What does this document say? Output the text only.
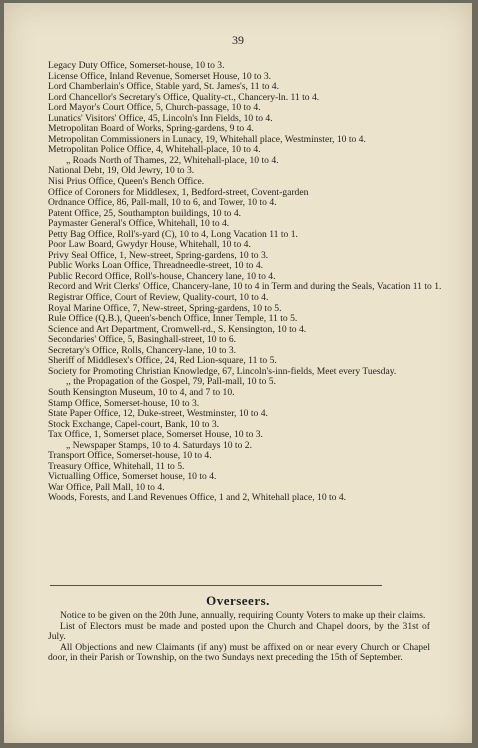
39
Legacy Duty Office, Somerset-house, 10 to 3.
License Office, Inland Revenue, Somerset House, 10 to 3.
Lord Chamberlain's Office, Stable yard, St. James's, 11 to 4.
Lord Chancellor's Secretary's Office, Quality-ct., Chancery-ln. 11 to 4.
Lord Mayor's Court Office, 5, Church-passage, 10 to 4.
Lunatics' Visitors' Office, 45, Lincoln's Inn Fields, 10 to 4.
Metropolitan Board of Works, Spring-gardens, 9 to 4.
Metropolitan Commissioners in Lunacy, 19, Whitehall place, Westminster, 10 to 4.
Metropolitan Police Office, 4, Whitehall-place, 10 to 4.
„ Roads North of Thames, 22, Whitehall-place, 10 to 4.
National Debt, 19, Old Jewry, 10 to 3.
Nisi Prius Office, Queen's Bench Office.
Office of Coroners for Middlesex, 1, Bedford-street, Covent-garden
Ordnance Office, 86, Pall-mall, 10 to 6, and Tower, 10 to 4.
Patent Office, 25, Southampton buildings, 10 to 4.
Paymaster General's Office, Whitehall, 10 to 4.
Petty Bag Office, Roll's-yard (C), 10 to 4, Long Vacation 11 to 1.
Poor Law Board, Gwydyr House, Whitehall, 10 to 4.
Privy Seal Office, 1, New-street, Spring-gardens, 10 to 3.
Public Works Loan Office, Threadneedle-street, 10 to 4.
Public Record Office, Roll's-house, Chancery lane, 10 to 4.
Record and Writ Clerks' Office, Chancery-lane, 10 to 4 in Term and during the Seals, Vacation 11 to 1.
Registrar Office, Court of Review, Quality-court, 10 to 4.
Royal Marine Office, 7, New-street, Spring-gardens, 10 to 5.
Rule Office (Q.B.), Queen's-bench Office, Inner Temple, 11 to 5.
Science and Art Department, Cromwell-rd., S. Kensington, 10 to 4.
Secondaries' Office, 5, Basinghall-street, 10 to 6.
Secretary's Office, Rolls, Chancery-lane, 10 to 3.
Sheriff of Middlesex's Office, 24, Red Lion-square, 11 to 5.
Society for Promoting Christian Knowledge, 67, Lincoln's-inn-fields, Meet every Tuesday.
,, the Propagation of the Gospel, 79, Pall-mall, 10 to 5.
South Kensington Museum, 10 to 4, and 7 to 10.
Stamp Office, Somerset-house, 10 to 3.
State Paper Office, 12, Duke-street, Westminster, 10 to 4.
Stock Exchange, Capel-court, Bank, 10 to 3.
Tax Office, 1, Somerset place, Somerset House, 10 to 3.
„ Newspaper Stamps, 10 to 4. Saturdays 10 to 2.
Transport Office, Somerset-house, 10 to 4.
Treasury Office, Whitehall, 11 to 5.
Victualling Office, Somerset house, 10 to 4.
War Office, Pall Mall, 10 to 4.
Woods, Forests, and Land Revenues Office, 1 and 2, Whitehall place, 10 to 4.
Overseers.

Notice to be given on the 20th June, annually, requiring County Voters to make up their claims.

List of Electors must be made and posted upon the Church and Chapel doors, by the 31st of July.

All Objections and new Claimants (if any) must be affixed on or near every Church or Chapel door, in their Parish or Township, on the two Sundays next preceding the 15th of September.
